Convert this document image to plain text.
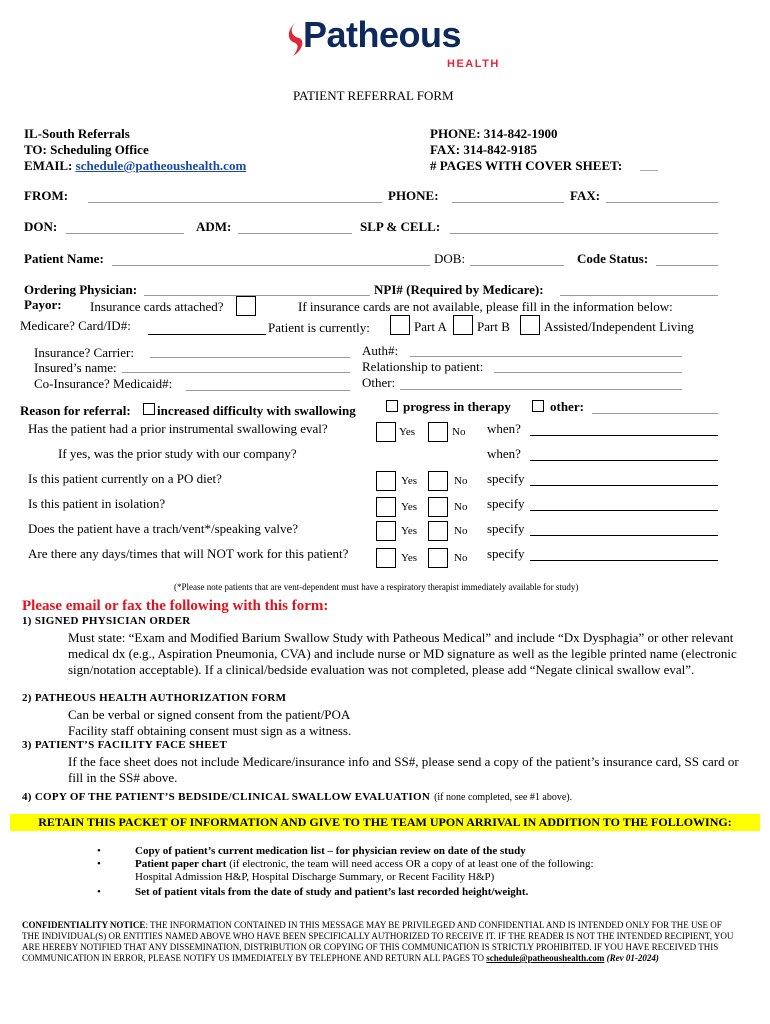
Patheous
HEALTH
PATIENT REFERRAL FORM
IL-South Referrals
TO: Scheduling Office
EMAIL: schedule@patheoushealth.com
PHONE: 314-842-1900
FAX: 314-842-9185
# PAGES WITH COVER SHEET:
FROM:	PHONE:	FAX:
DON:	ADM:	SLP & CELL:
Patient Name:	DOB:	Code Status:
Ordering Physician:	NPI# (Required by Medicare):
Payor: Insurance cards attached?	If insurance cards are not available, please fill in the information below:
Medicare? Card/ID#:	Patient is currently:	Part A Part B	Assisted/Independent Living
Insurance? Carrier:
Insured’s name:
Co-Insurance? Medicaid#:
Auth#:
Relationship to patient:
Other:
Reason for referral: increased difficulty with swallowing	progress in therapy	other:
Has the patient had a prior instrumental swallowing eval?	Yes	No when?
If yes, was the prior study with our company?	when?
Is this patient currently on a PO diet?	Yes	No specify
Is this patient in isolation?	Yes	No specify
Does the patient have a trach/vent*/speaking valve?	Yes	No specify
Are there any days/times that will NOT work for this patient?	Yes	No specify
(*Please note patients that are vent-dependent must have a respiratory therapist immediately available for study)
Please email or fax the following with this form:
1) SIGNED PHYSICIAN ORDER
Must state: “Exam and Modified Barium Swallow Study with Patheous Medical” and include “Dx Dysphagia” or other relevant medical dx (e.g., Aspiration Pneumonia, CVA) and include nurse or MD signature as well as the legible printed name (electronic sign/notation acceptable). If a clinical/bedside evaluation was not completed, please add “Negate clinical swallow eval”.
2) PATHEOUS HEALTH AUTHORIZATION FORM
Can be verbal or signed consent from the patient/POA
Facility staff obtaining consent must sign as a witness.
3) PATIENT’S FACILITY FACE SHEET
If the face sheet does not include Medicare/insurance info and SS#, please send a copy of the patient’s insurance card, SS card or fill in the SS# above.
4) COPY OF THE PATIENT’S BEDSIDE/CLINICAL SWALLOW EVALUATION (if none completed, see #1 above).
RETAIN THIS PACKET OF INFORMATION AND GIVE TO THE TEAM UPON ARRIVAL IN ADDITION TO THE FOLLOWING:
•	Copy of patient’s current medication list – for physician review on date of the study
•	Patient paper chart (if electronic, the team will need access OR a copy of at least one of the following:
Hospital Admission H&P, Hospital Discharge Summary, or Recent Facility H&P)
•	Set of patient vitals from the date of study and patient’s last recorded height/weight.
CONFIDENTIALITY NOTICE: THE INFORMATION CONTAINED IN THIS MESSAGE MAY BE PRIVILEGED AND CONFIDENTIAL AND IS INTENDED ONLY FOR THE USE OF THE INDIVIDUAL(S) OR ENTITIES NAMED ABOVE WHO HAVE BEEN SPECIFICALLY AUTHORIZED TO RECEIVE IT. IF THE READER IS NOT THE INTENDED RECIPIENT, YOU ARE HEREBY NOTIFIED THAT ANY DISSEMINATION, DISTRIBUTION OR COPYING OF THIS COMMUNICATION IS STRICTLY PROHIBITED. IF YOU HAVE RECEIVED THIS COMMUNICATION IN ERROR, PLEASE NOTIFY US IMMEDIATELY BY TELEPHONE AND RETURN ALL PAGES TO schedule@patheoushealth.com (Rev 01-2024)
